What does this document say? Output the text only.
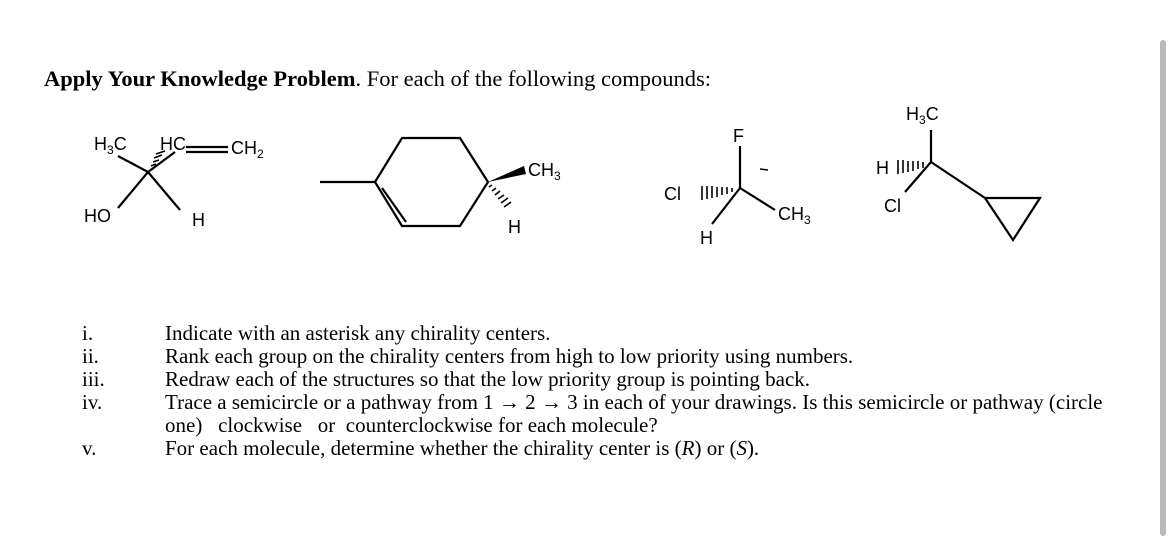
Apply Your Knowledge Problem. For each of the following compounds:
$H_3C$ HC	$CH_2$
HO	H
$CH_3$
H
F
Cl
$CH_3$
H
$H_3C$
H
Cl
i.	Indicate with an asterisk any chirality centers.
ii.	Rank each group on the chirality centers from high to low priority using numbers.
iii.	Redraw each of the structures so that the low priority group is pointing back.
iv.	Trace a semicircle or a pathway from 1 → 2 → 3 in each of your drawings. Is this semicircle or pathway (circle one)   clockwise   or  counterclockwise for each molecule?
v.	For each molecule, determine whether the chirality center is (R) or (S).
